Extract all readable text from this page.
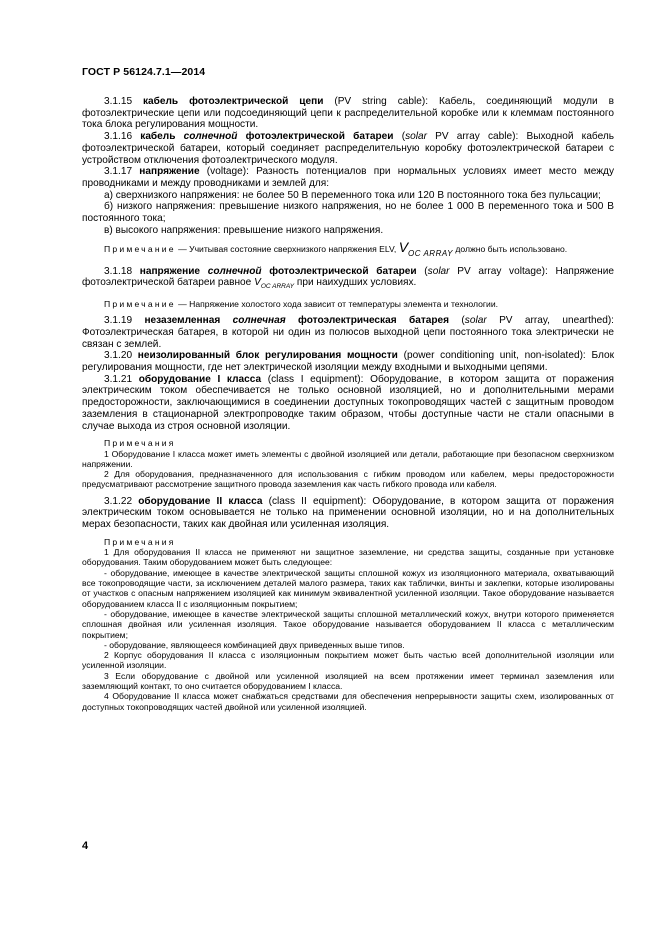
ГОСТ Р 56124.7.1—2014

3.1.15 кабель фотоэлектрической цепи (PV string cable): Кабель, соединяющий модули в фотоэлектрические цепи или подсоединяющий цепи к распределительной коробке или к клеммам постоянного тока блока регулирования мощности.

3.1.16 кабель солнечной фотоэлектрической батареи (solar PV array cable): Выходной кабель фотоэлектрической батареи, который соединяет распределительную коробку фотоэлектрической батареи с устройством отключения фотоэлектрического модуля.

3.1.17 напряжение (voltage): Разность потенциалов при нормальных условиях имеет место между проводниками и между проводниками и землей для:

а) сверхнизкого напряжения: не более 50 В переменного тока или 120 В постоянного тока без пульсации;

б) низкого напряжения: превышение низкого напряжения, но не более 1 000 В переменного тока и 500 В постоянного тока;

в) высокого напряжения: превышение низкого напряжения.

Примечание — Учитывая состояние сверхнизкого напряжения ELV, $V_{OC ARRAY}$ должно быть использовано.

3.1.18 напряжение солнечной фотоэлектрической батареи (solar PV array voltage): Напряжение фотоэлектрической батареи равное $V_{OC ARRAY}$ при наихудших условиях.

Примечание — Напряжение холостого хода зависит от температуры элемента и технологии.

3.1.19 незаземленная солнечная фотоэлектрическая батарея (solar PV array, unearthed): Фотоэлектрическая батарея, в которой ни один из полюсов выходной цепи постоянного тока электрически не связан с землей.

3.1.20 неизолированный блок регулирования мощности (power conditioning unit, non-isolated): Блок регулирования мощности, где нет электрической изоляции между входными и выходными цепями.

3.1.21 оборудование I класса (class I equipment): Оборудование, в котором защита от поражения электрическим током обеспечивается не только основной изоляцией, но и дополнительными мерами предосторожности, заключающимися в соединении доступных токопроводящих частей с защитным проводом заземления в стационарной электропроводке таким образом, чтобы доступные части не стали опасными в случае выхода из строя основной изоляции.

Примечания

1 Оборудование I класса может иметь элементы с двойной изоляцией или детали, работающие при безопасном сверхнизком напряжении.

2 Для оборудования, предназначенного для использования с гибким проводом или кабелем, меры предосторожности предусматривают рассмотрение защитного провода заземления как часть гибкого провода или кабеля.

3.1.22 оборудование II класса (class II equipment): Оборудование, в котором защита от поражения электрическим током основывается не только на применении основной изоляции, но и на дополнительных мерах безопасности, таких как двойная или усиленная изоляция.

Примечания

1 Для оборудования II класса не применяют ни защитное заземление, ни средства защиты, созданные при установке оборудования. Таким оборудованием может быть следующее:

- оборудование, имеющее в качестве электрической защиты сплошной кожух из изоляционного материала, охватывающий все токопроводящие части, за исключением деталей малого размера, таких как таблички, винты и заклепки, которые изолированы от участков с опасным напряжением изоляцией как минимум эквивалентной усиленной изоляции. Такое оборудование называется оборудованием класса II с изоляционным покрытием;

- оборудование, имеющее в качестве электрической защиты сплошной металлический кожух, внутри которого применяется сплошная двойная или усиленная изоляция. Такое оборудование называется оборудованием II класса с металлическим покрытием;

- оборудование, являющееся комбинацией двух приведенных выше типов.

2 Корпус оборудования II класса с изоляционным покрытием может быть частью всей дополнительной изоляции или усиленной изоляции.

3 Если оборудование с двойной или усиленной изоляцией на всем протяжении имеет терминал заземления или заземляющий контакт, то оно считается оборудованием I класса.

4 Оборудование II класса может снабжаться средствами для обеспечения непрерывности защиты схем, изолированных от доступных токопроводящих частей двойной или усиленной изоляцией.

4
